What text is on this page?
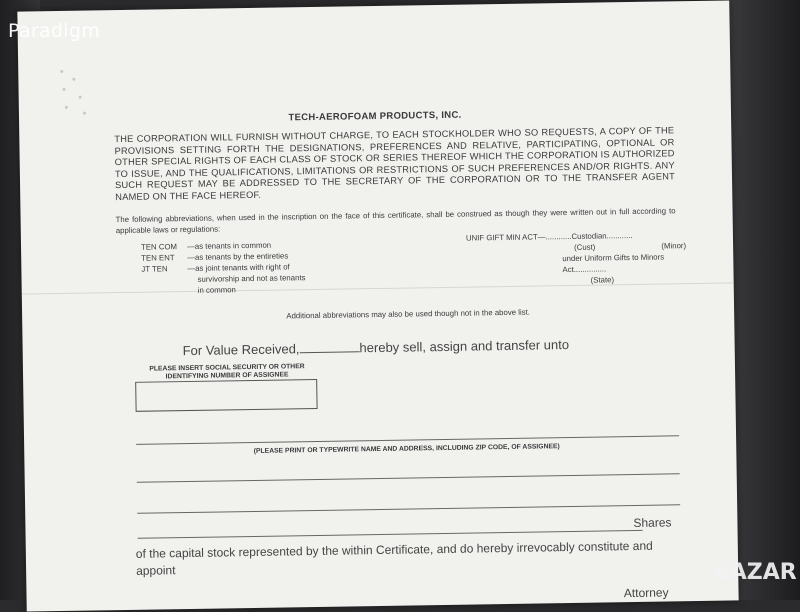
TECH-AEROFOAM PRODUCTS, INC.
THE CORPORATION WILL FURNISH WITHOUT CHARGE, TO EACH STOCKHOLDER WHO SO REQUESTS, A COPY OF THE PROVISIONS SETTING FORTH THE DESIGNATIONS, PREFERENCES AND RELATIVE, PARTICIPATING, OPTIONAL OR OTHER SPECIAL RIGHTS OF EACH CLASS OF STOCK OR SERIES THEREOF WHICH THE CORPORATION IS AUTHORIZED TO ISSUE, AND THE QUALIFICATIONS, LIMITATIONS OR RESTRICTIONS OF SUCH PREFERENCES AND/OR RIGHTS. ANY SUCH REQUEST MAY BE ADDRESSED TO THE SECRETARY OF THE CORPORATION OR TO THE TRANSFER AGENT NAMED ON THE FACE HEREOF.
The following abbreviations, when used in the inscription on the face of this certificate, shall be construed as though they were written out in full according to applicable laws or regulations:
TEN COM	—as tenants in common
TEN ENT	—as tenants by the entireties
JT TEN	—as joint tenants with right of
survivorship and not as tenants
in common
UNIF GIFT MIN ACT—............Custodian............
(Cust)	(Minor)
under Uniform Gifts to Minors
Act...............
(State)
Additional abbreviations may also be used though not in the above list.
For Value Received,	hereby sell, assign and transfer unto
PLEASE INSERT SOCIAL SECURITY OR OTHER IDENTIFYING NUMBER OF ASSIGNEE
(PLEASE PRINT OR TYPEWRITE NAME AND ADDRESS, INCLUDING ZIP CODE, OF ASSIGNEE)
Shares
of the capital stock represented by the within Certificate, and do hereby irrevocably constitute and appoint
Attorney
Paradigm
BAZAR
